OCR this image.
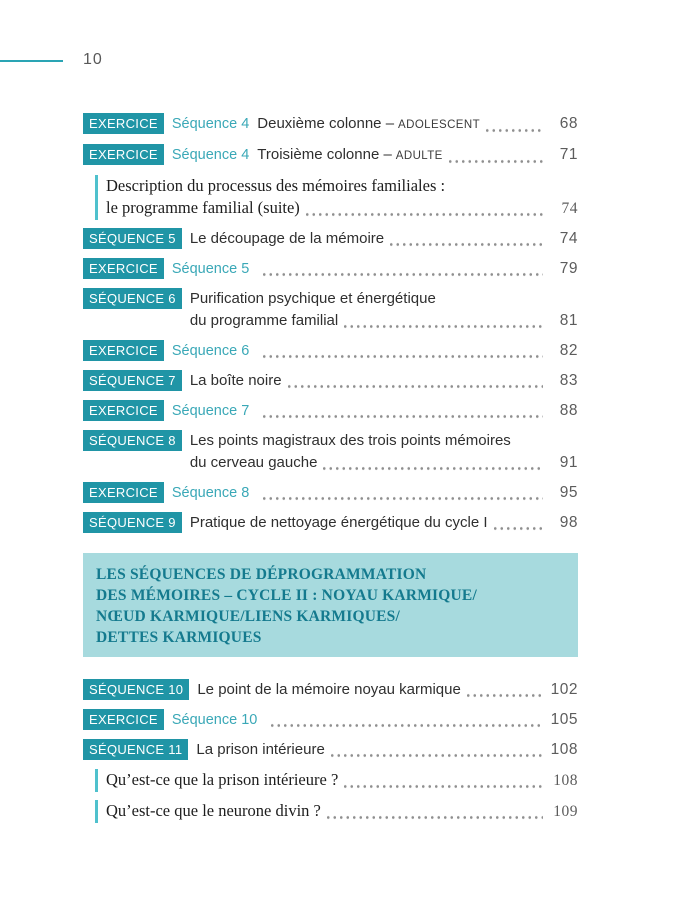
10
EXERCICE Séquence 4 Deuxième colonne – ADOLESCENT	68
EXERCICE Séquence 4 Troisième colonne – ADULTE	71
Description du processus des mémoires familiales :
le programme familial (suite)	74
SÉQUENCE 5 Le découpage de la mémoire	74
EXERCICE Séquence 5	79
SÉQUENCE 6 Purification psychique et énergétique
du programme familial	81
EXERCICE Séquence 6	82
SÉQUENCE 7 La boîte noire	83
EXERCICE Séquence 7	88
SÉQUENCE 8 Les points magistraux des trois points mémoires
du cerveau gauche	91
EXERCICE Séquence 8	95
SÉQUENCE 9 Pratique de nettoyage énergétique du cycle I	98
LES SÉQUENCES DE DÉPROGRAMMATION
DES MÉMOIRES – CYCLE II : NOYAU KARMIQUE/
NŒUD KARMIQUE/LIENS KARMIQUES/
DETTES KARMIQUES
SÉQUENCE 10 Le point de la mémoire noyau karmique	102
EXERCICE Séquence 10	105
SÉQUENCE 11 La prison intérieure	108
Qu’est-ce que la prison intérieure ?	108
Qu’est-ce que le neurone divin ?	109
